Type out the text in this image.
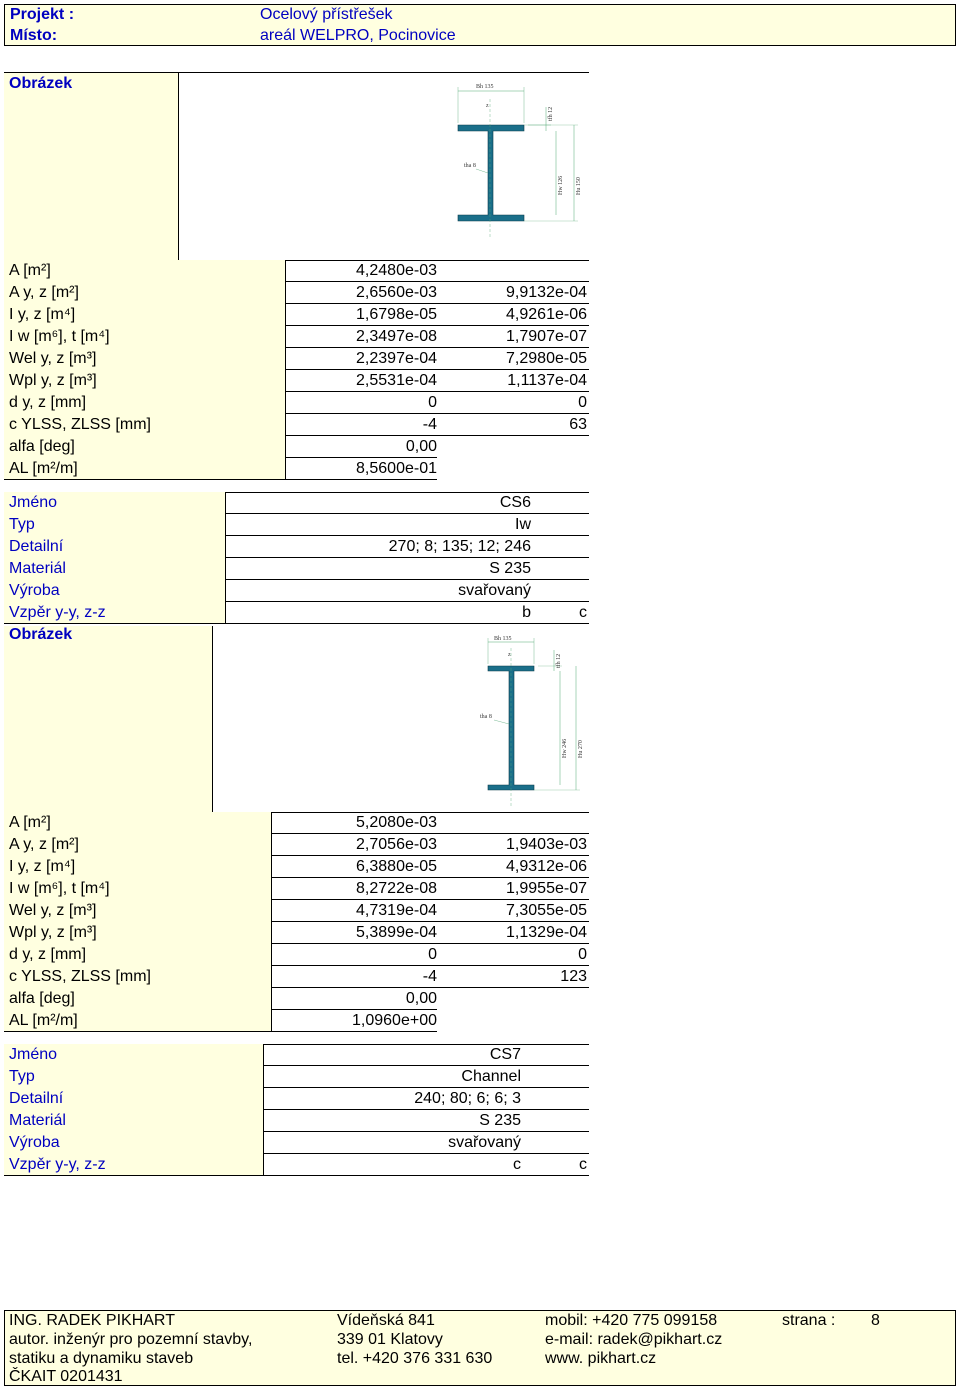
Projekt :	Ocelový přístřešek
Místo:	areál WELPRO, Pocinovice
Obrázek
z
Bh 135
tfh 12
Hw 126 Hu 150
tha 8
A [m²]	4,2480e-03
A y, z [m²]	2,6560e-03	9,9132e-04
I y, z [m⁴]	1,6798e-05	4,9261e-06
I w [m⁶], t [m⁴]	2,3497e-08	1,7907e-07
Wel y, z [m³]	2,2397e-04	7,2980e-05
Wpl y, z [m³]	2,5531e-04	1,1137e-04
d y, z [mm]	0	0
c YLSS, ZLSS [mm]	-4	63
alfa [deg]	0,00
AL [m²/m]	8,5600e-01
Jméno	CS6
Typ	Iw
Detailní	270; 8; 135; 12; 246
Materiál	S 235
Výroba	svařovaný
Vzpěr y-y, z-z	b	c
Obrázek
z
Bh 135
tfh 12
Hw 246 Hu 270
tha 8
A [m²]	5,2080e-03
A y, z [m²]	2,7056e-03	1,9403e-03
I y, z [m⁴]	6,3880e-05	4,9312e-06
I w [m⁶], t [m⁴]	8,2722e-08	1,9955e-07
Wel y, z [m³]	4,7319e-04	7,3055e-05
Wpl y, z [m³]	5,3899e-04	1,1329e-04
d y, z [mm]	0	0
c YLSS, ZLSS [mm]	-4	123
alfa [deg]	0,00
AL [m²/m]	1,0960e+00
Jméno	CS7
Typ	Channel
Detailní	240; 80; 6; 6; 3
Materiál	S 235
Výroba	svařovaný
Vzpěr y-y, z-z	c	c
ING. RADEK PIKHART
autor. inženýr pro pozemní stavby,
statiku a dynamiku staveb
ČKAIT 0201431
Vídeňská 841
339 01 Klatovy
tel. +420 376 331 630
mobil: +420 775 099158
e-mail: radek@pikhart.cz
www. pikhart.cz
strana : 8
